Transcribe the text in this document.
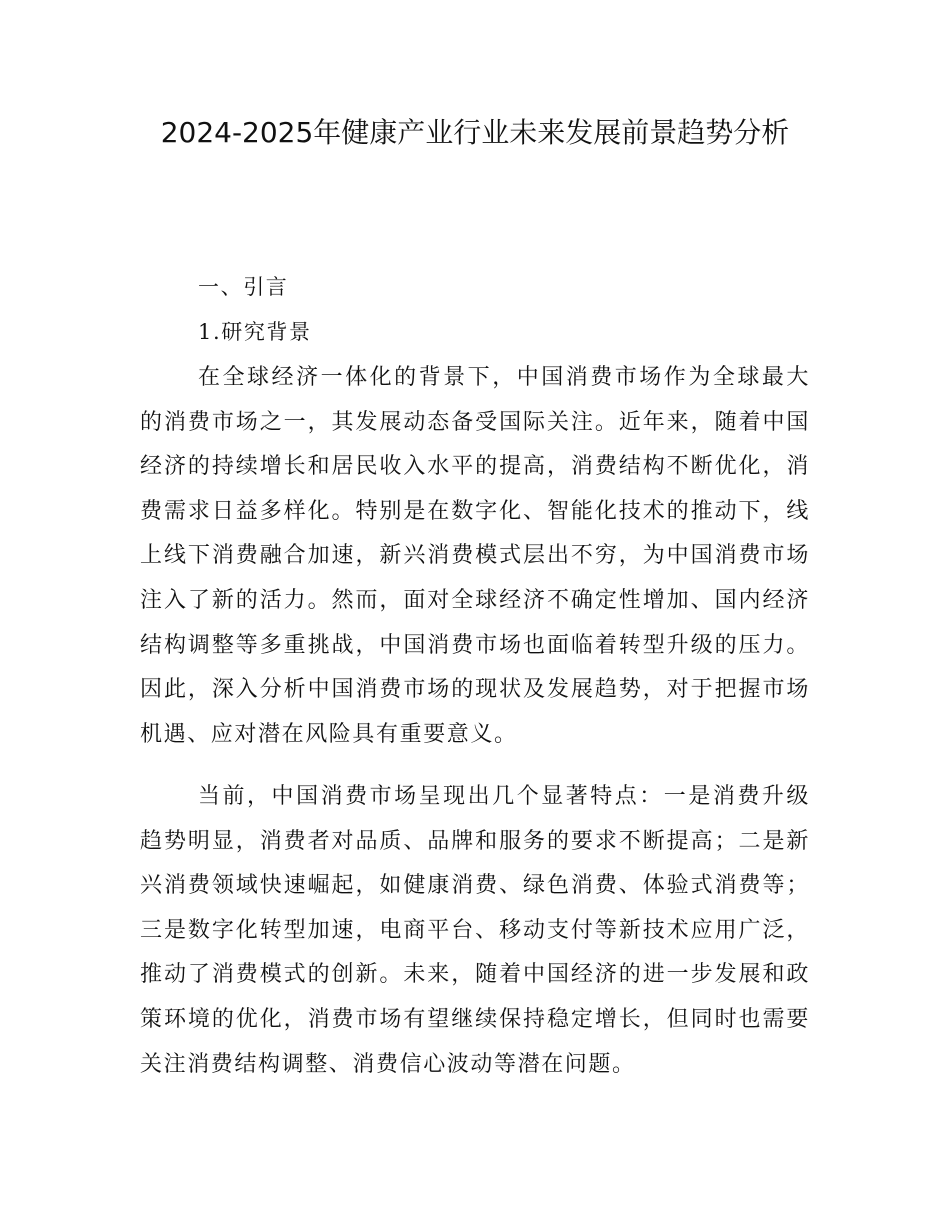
2024-2025年健康产业行业未来发展前景趋势分析

一、引言

1.研究背景

在全球经济一体化的背景下，中国消费市场作为全球最大的消费市场之一，其发展动态备受国际关注。近年来，随着中国经济的持续增长和居民收入水平的提高，消费结构不断优化，消费需求日益多样化。特别是在数字化、智能化技术的推动下，线上线下消费融合加速，新兴消费模式层出不穷，为中国消费市场注入了新的活力。然而，面对全球经济不确定性增加、国内经济结构调整等多重挑战，中国消费市场也面临着转型升级的压力。因此，深入分析中国消费市场的现状及发展趋势，对于把握市场机遇、应对潜在风险具有重要意义。

当前，中国消费市场呈现出几个显著特点：一是消费升级趋势明显，消费者对品质、品牌和服务的要求不断提高；二是新兴消费领域快速崛起，如健康消费、绿色消费、体验式消费等；三是数字化转型加速，电商平台、移动支付等新技术应用广泛，推动了消费模式的创新。未来，随着中国经济的进一步发展和政策环境的优化，消费市场有望继续保持稳定增长，但同时也需要关注消费结构调整、消费信心波动等潜在问题。
